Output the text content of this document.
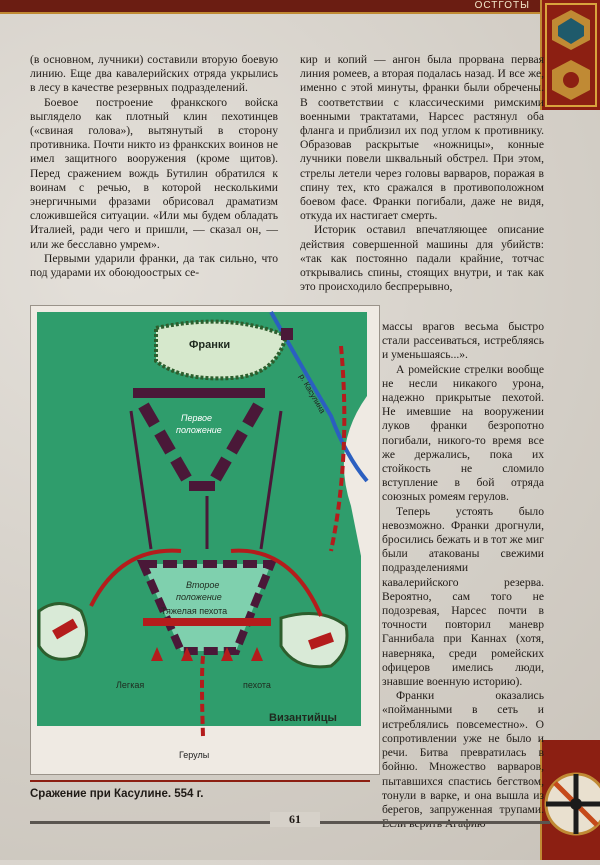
ОСТГОТЫ

(в основном, лучники) составили вторую боевую линию. Еще два кавалерийских отряда укрылись в лесу в качестве резервных подразделений.

Боевое построение франкского войска выглядело как плотный клин пехотинцев («свиная голова»), вытянутый в сторону противника. Почти никто из франкских воинов не имел защитного вооружения (кроме щитов). Перед сражением вождь Бутилин обратился к воинам с речью, в которой несколькими энергичными фразами обрисовал драматизм сложившейся ситуации. «Или мы будем обладать Италией, ради чего и пришли, — сказал он, — или же бесславно умрем».

Первыми ударили франки, да так сильно, что под ударами их обоюдоострых се-

кир и копий — ангон была прорвана первая линия ромеев, а вторая подалась назад. И все же, именно с этой минуты, франки были обречены. В соответствии с классическими римскими военными трактатами, Нарсес растянул оба фланга и приблизил их под углом к противнику. Образовав раскрытые «ножницы», конные лучники повели шквальный обстрел. При этом, стрелы летели через головы варваров, поражая в спину тех, кто сражался в противоположном боевом фасе. Франки погибали, даже не видя, откуда их настигает смерть.

Историк оставил впечатляющее описание действия совершенной машины для убийств: «так как постоянно падали крайние, тотчас открывались спины, стоящих внутри, и так как это происходило беспрерывно,

массы врагов весьма быстро стали рассеиваться, истребляясь и уменьшаясь...».

А ромейские стрелки вообще не несли никакого урона, надежно прикрытые пехотой. Не имевшие на вооружении луков франки безропотно погибали, никого-то время все же держались, пока их стойкость не сломило вступление в бой отряда союзных ромеям герулов.

Теперь устоять было невозможно. Франки дрогнули, бросились бежать и в тот же миг были атакованы свежими подразделениями кавалерийского резерва. Вероятно, сам того не подозревая, Нарсес почти в точности повторил маневр Ганнибала при Каннах (хотя, наверняка, среди ромейских офицеров имелись люди, знавшие военную историю).

Франки оказались «пойманными в сеть и истреблялись повсеместно». О сопротивлении уже не было и речи. Битва превратилась в бойню. Множество варваров, пытавшихся спастись бегством, тонули в варке, и она вышла из берегов, запруженная трупами.

Франки
р. Касулина
Первое
положение
Второе
положение
Тяжелая пехота
Легкая	пехота
Византийцы
Герулы
Сражение при Касулине. 554 г.
61
